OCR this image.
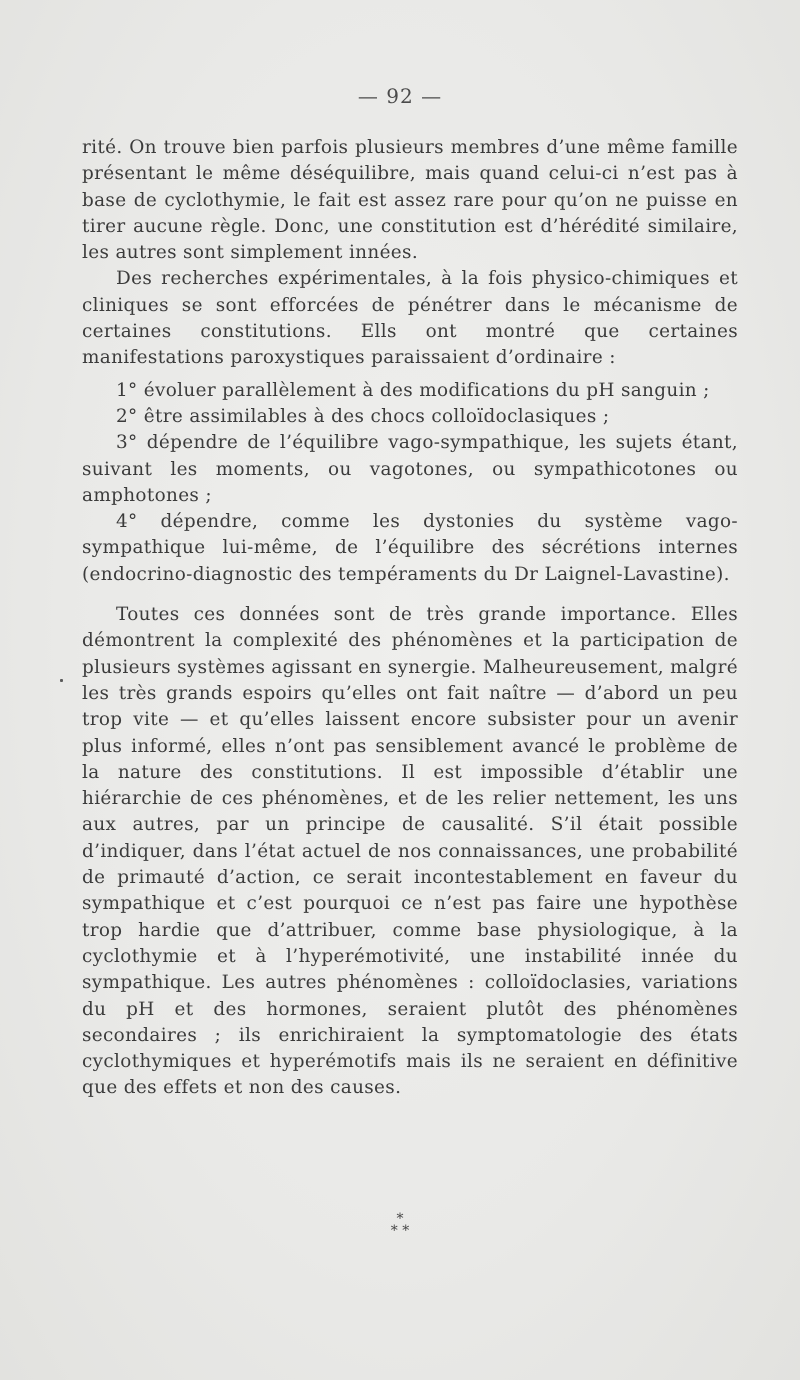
— 92 —

rité. On trouve bien parfois plusieurs membres d’une même famille présentant le même déséquilibre, mais quand celui-ci n’est pas à base de cyclothymie, le fait est assez rare pour qu’on ne puisse en tirer aucune règle. Donc, une constitution est d’hérédité similaire, les autres sont simplement innées.

Des recherches expérimentales, à la fois physico-chimiques et cliniques se sont efforcées de pénétrer dans le mécanisme de certaines constitutions. Ells ont montré que certaines manifestations paroxystiques paraissaient d’ordinaire :

1° évoluer parallèlement à des modifications du pH sanguin ;

2° être assimilables à des chocs colloïdoclasiques ;

3° dépendre de l’équilibre vago-sympathique, les sujets étant, suivant les moments, ou vagotones, ou sympathicotones ou amphotones ;

4° dépendre, comme les dystonies du système vago-sympathique lui-même, de l’équilibre des sécrétions internes (endocrino-diagnostic des tempéraments du Dr Laignel-Lavastine).

Toutes ces données sont de très grande importance. Elles démontrent la complexité des phénomènes et la participation de plusieurs systèmes agissant en synergie. Malheureusement, malgré les très grands espoirs qu’elles ont fait naître — d’abord un peu trop vite — et qu’elles laissent encore subsister pour un avenir plus informé, elles n’ont pas sensiblement avancé le problème de la nature des constitutions. Il est impossible d’établir une hiérarchie de ces phénomènes, et de les relier nettement, les uns aux autres, par un principe de causalité. S’il était possible d’indiquer, dans l’état actuel de nos connaissances, une probabilité de primauté d’action, ce serait incontestablement en faveur du sympathique et c’est pourquoi ce n’est pas faire une hypothèse trop hardie que d’attribuer, comme base physiologique, à la cyclothymie et à l’hyperémotivité, une instabilité innée du sympathique. Les autres phénomènes : colloïdoclasies, variations du pH et des hormones, seraient plutôt des phénomènes secondaires ; ils enrichiraient la symptomatologie des états cyclothymiques et hyperémotifs mais ils ne seraient en définitive que des effets et non des causes.

*
* *
